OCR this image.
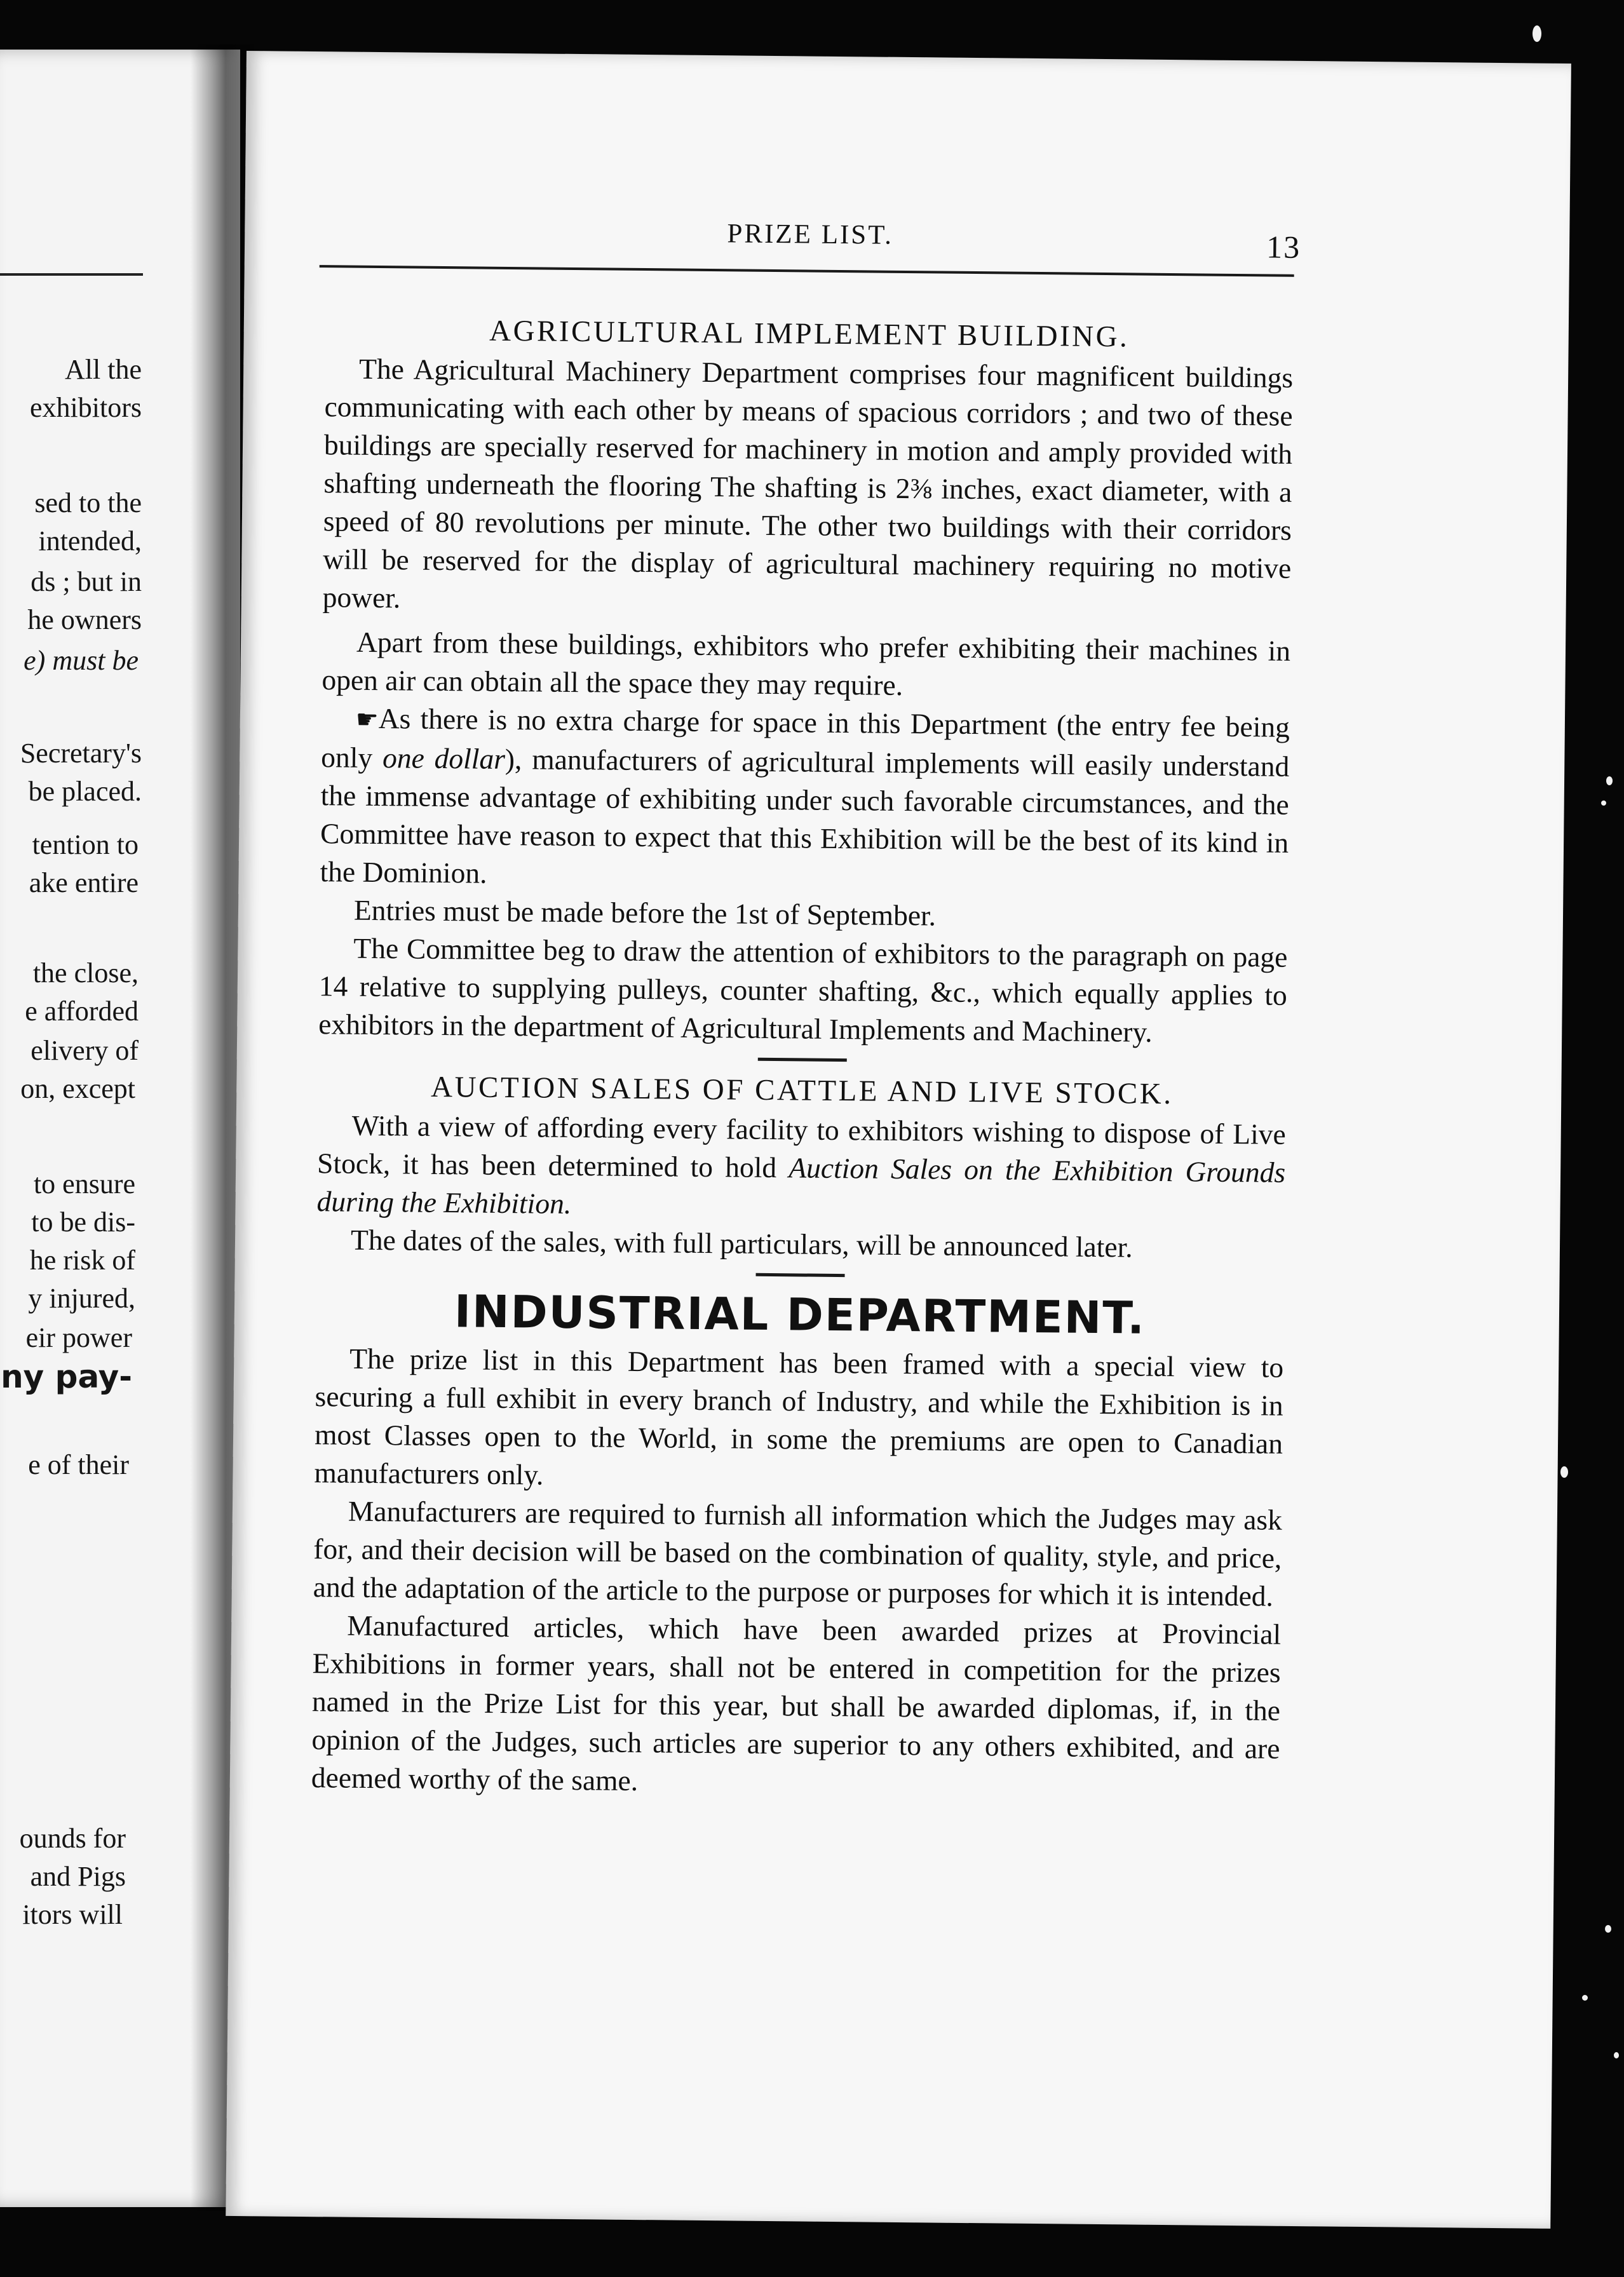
All the
exhibitors
sed to the
intended,
ds ; but in
he owners
e) must be
Secretary's
be placed.
tention to
ake entire
the close,
e afforded
elivery of
on, except
to ensure
to be dis-
he risk of
y injured,
eir power
ny pay-
e of their
ounds for
and Pigs
itors will
PRIZE LIST.	13
AGRICULTURAL IMPLEMENT BUILDING.

The Agricultural Machinery Department comprises four magnificent buildings communicating with each other by means of spacious corridors ; and two of these buildings are specially reserved for machinery in motion and amply provided with shafting underneath the flooring The shafting is 2⅜ inches, exact diameter, with a speed of 80 revolutions per minute. The other two buildings with their corridors will be reserved for the display of agricultural machinery requiring no motive power.

Apart from these buildings, exhibitors who prefer exhibiting their machines in open air can obtain all the space they may require.

☛As there is no extra charge for space in this Department (the entry fee being only one dollar), manufacturers of agricultural implements will easily understand the immense advantage of exhibiting under such favorable circumstances, and the Committee have reason to expect that this Exhibition will be the best of its kind in the Dominion.

Entries must be made before the 1st of September.

The Committee beg to draw the attention of exhibitors to the paragraph on page 14 relative to supplying pulleys, counter shafting, &c., which equally applies to exhibitors in the department of Agricultural Implements and Machinery.

AUCTION SALES OF CATTLE AND LIVE STOCK.

With a view of affording every facility to exhibitors wishing to dispose of Live Stock, it has been determined to hold Auction Sales on the Exhibition Grounds during the Exhibition.

The dates of the sales, with full particulars, will be announced later.

INDUSTRIAL DEPARTMENT.

The prize list in this Department has been framed with a special view to securing a full exhibit in every branch of Industry, and while the Exhibition is in most Classes open to the World, in some the premiums are open to Canadian manufacturers only.

Manufacturers are required to furnish all information which the Judges may ask for, and their decision will be based on the combination of quality, style, and price, and the adaptation of the article to the purpose or purposes for which it is intended.

Manufactured articles, which have been awarded prizes at Provincial Exhibitions in former years, shall not be entered in competition for the prizes named in the Prize List for this year, but shall be awarded diplomas, if, in the opinion of the Judges, such articles are superior to any others exhibited, and are deemed worthy of the same.
